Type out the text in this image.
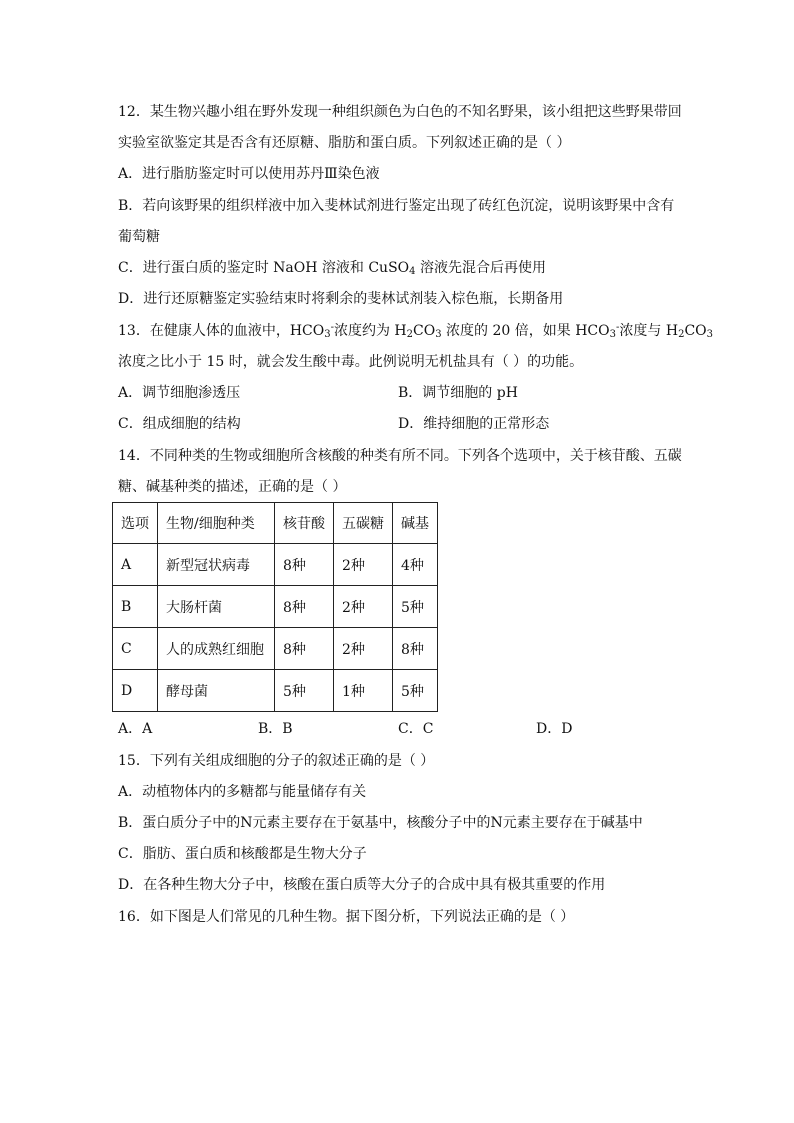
12．某生物兴趣小组在野外发现一种组织颜色为白色的不知名野果，该小组把这些野果带回
实验室欲鉴定其是否含有还原糖、脂肪和蛋白质。下列叙述正确的是（ ）
A．进行脂肪鉴定时可以使用苏丹Ⅲ染色液
B．若向该野果的组织样液中加入斐林试剂进行鉴定出现了砖红色沉淀，说明该野果中含有
葡萄糖
C．进行蛋白质的鉴定时 NaOH 溶液和 CuSO$_4$ 溶液先混合后再使用
D．进行还原糖鉴定实验结束时将剩余的斐林试剂装入棕色瓶，长期备用
13．在健康人体的血液中，$HCO_3^-$浓度约为 $H_2CO_3$ 浓度的 20 倍，如果 $HCO_3^-$浓度与 $H_2CO_3$
浓度之比小于 15 时，就会发生酸中毒。此例说明无机盐具有（ ）的功能。
A．调节细胞渗透压	B．调节细胞的 pH
C．组成细胞的结构	D．维持细胞的正常形态
14．不同种类的生物或细胞所含核酸的种类有所不同。下列各个选项中，关于核苷酸、五碳
糖、碱基种类的描述，正确的是（ ）
选项	生物/细胞种类	核苷酸	五碳糖	碱基
A	新型冠状病毒	8种	2种	4种
B	大肠杆菌	8种	2种	5种
C	人的成熟红细胞	8种	2种	8种
D	酵母菌	5种	1种	5种
A．A	B．B	C．C	D．D
15．下列有关组成细胞的分子的叙述正确的是（ ）
A．动植物体内的多糖都与能量储存有关
B．蛋白质分子中的N元素主要存在于氨基中，核酸分子中的N元素主要存在于碱基中
C．脂肪、蛋白质和核酸都是生物大分子
D．在各种生物大分子中，核酸在蛋白质等大分子的合成中具有极其重要的作用
16．如下图是人们常见的几种生物。据下图分析，下列说法正确的是（ ）
